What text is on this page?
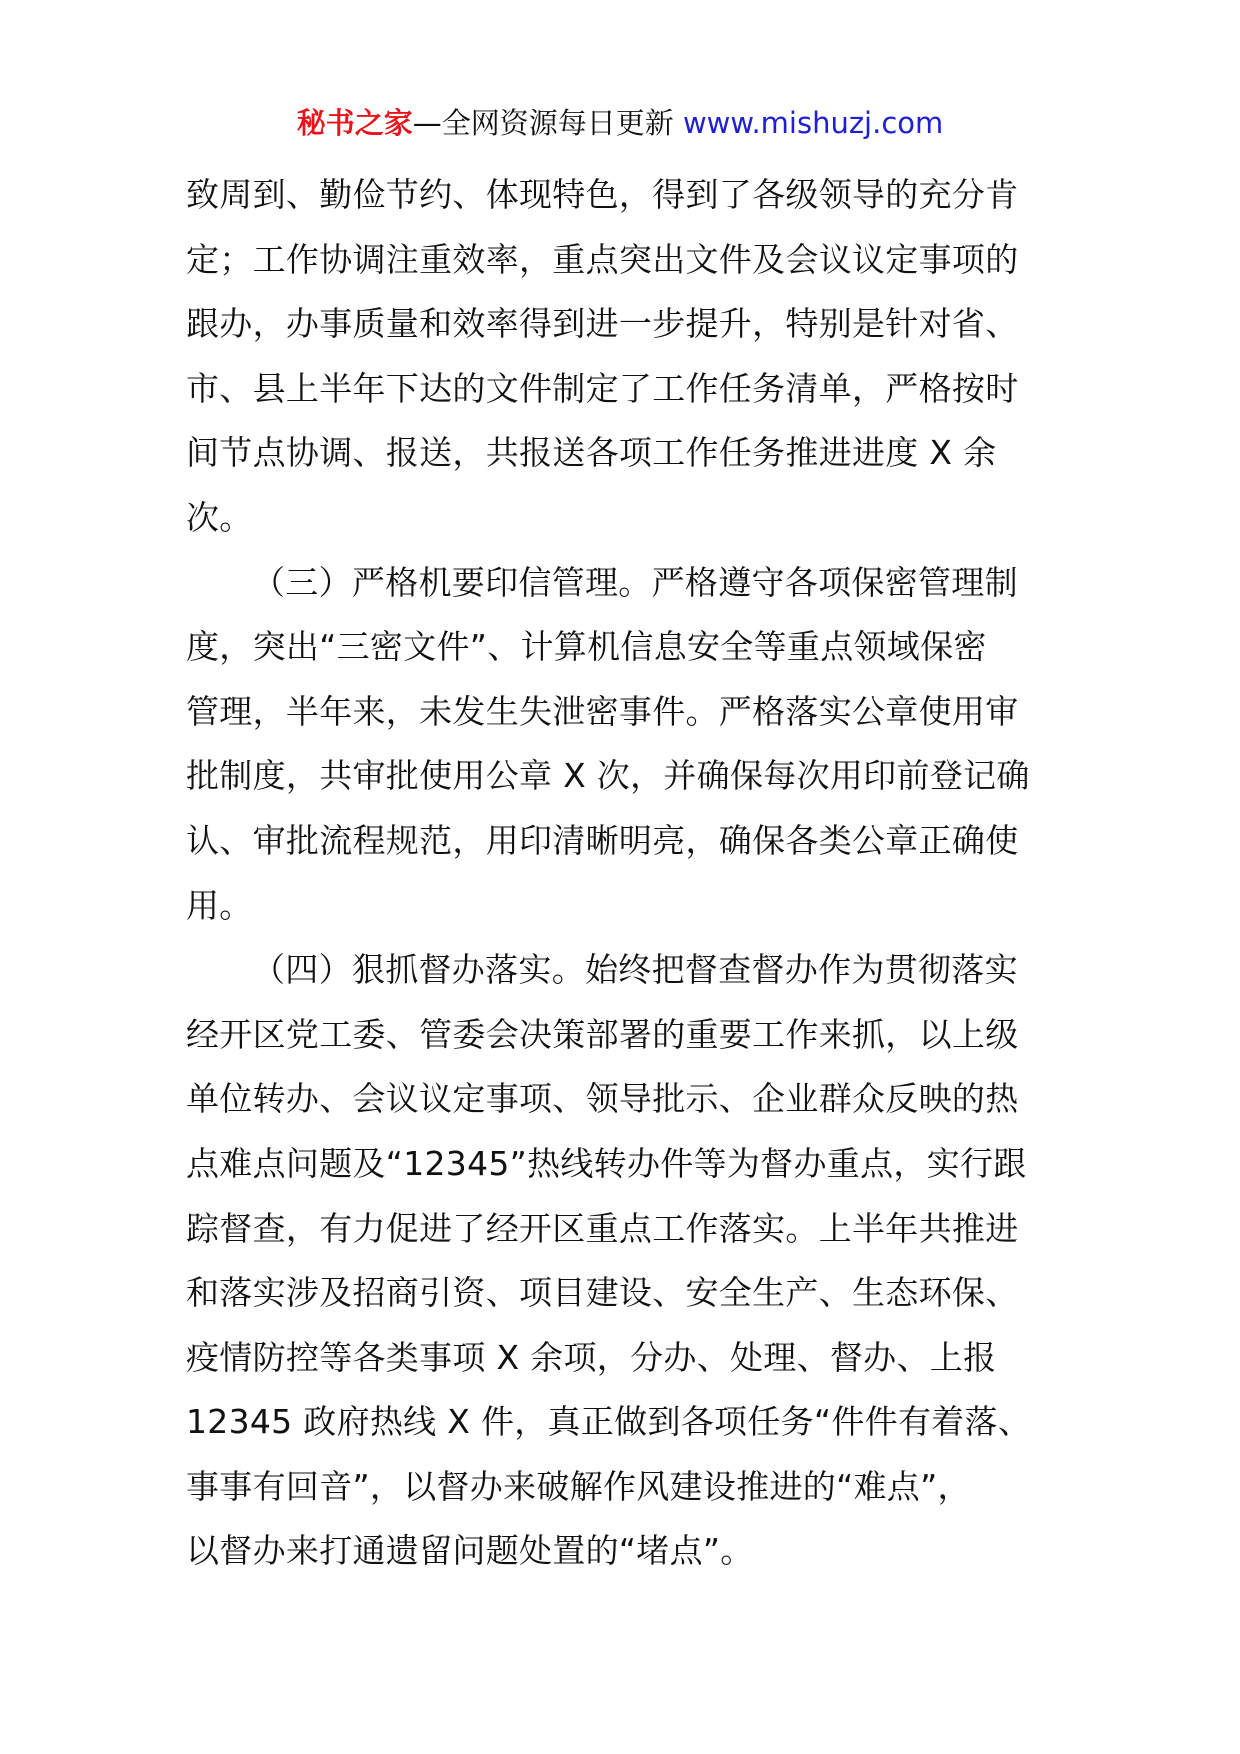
秘书之家—全网资源每日更新 www.mishuzj.com
致周到、勤俭节约、体现特色，得到了各级领导的充分肯
定；工作协调注重效率，重点突出文件及会议议定事项的
跟办，办事质量和效率得到进一步提升，特别是针对省、
市、县上半年下达的文件制定了工作任务清单，严格按时
间节点协调、报送，共报送各项工作任务推进进度 X 余
次。
（三）严格机要印信管理。严格遵守各项保密管理制
度，突出“三密文件”、计算机信息安全等重点领域保密
管理，半年来，未发生失泄密事件。严格落实公章使用审
批制度，共审批使用公章 X 次，并确保每次用印前登记确
认、审批流程规范，用印清晰明亮，确保各类公章正确使
用。
（四）狠抓督办落实。始终把督查督办作为贯彻落实
经开区党工委、管委会决策部署的重要工作来抓，以上级
单位转办、会议议定事项、领导批示、企业群众反映的热
点难点问题及“12345”热线转办件等为督办重点，实行跟
踪督查，有力促进了经开区重点工作落实。上半年共推进
和落实涉及招商引资、项目建设、安全生产、生态环保、
疫情防控等各类事项 X 余项，分办、处理、督办、上报
12345 政府热线 X 件，真正做到各项任务“件件有着落、
事事有回音”，以督办来破解作风建设推进的“难点”，
以督办来打通遗留问题处置的“堵点”。
